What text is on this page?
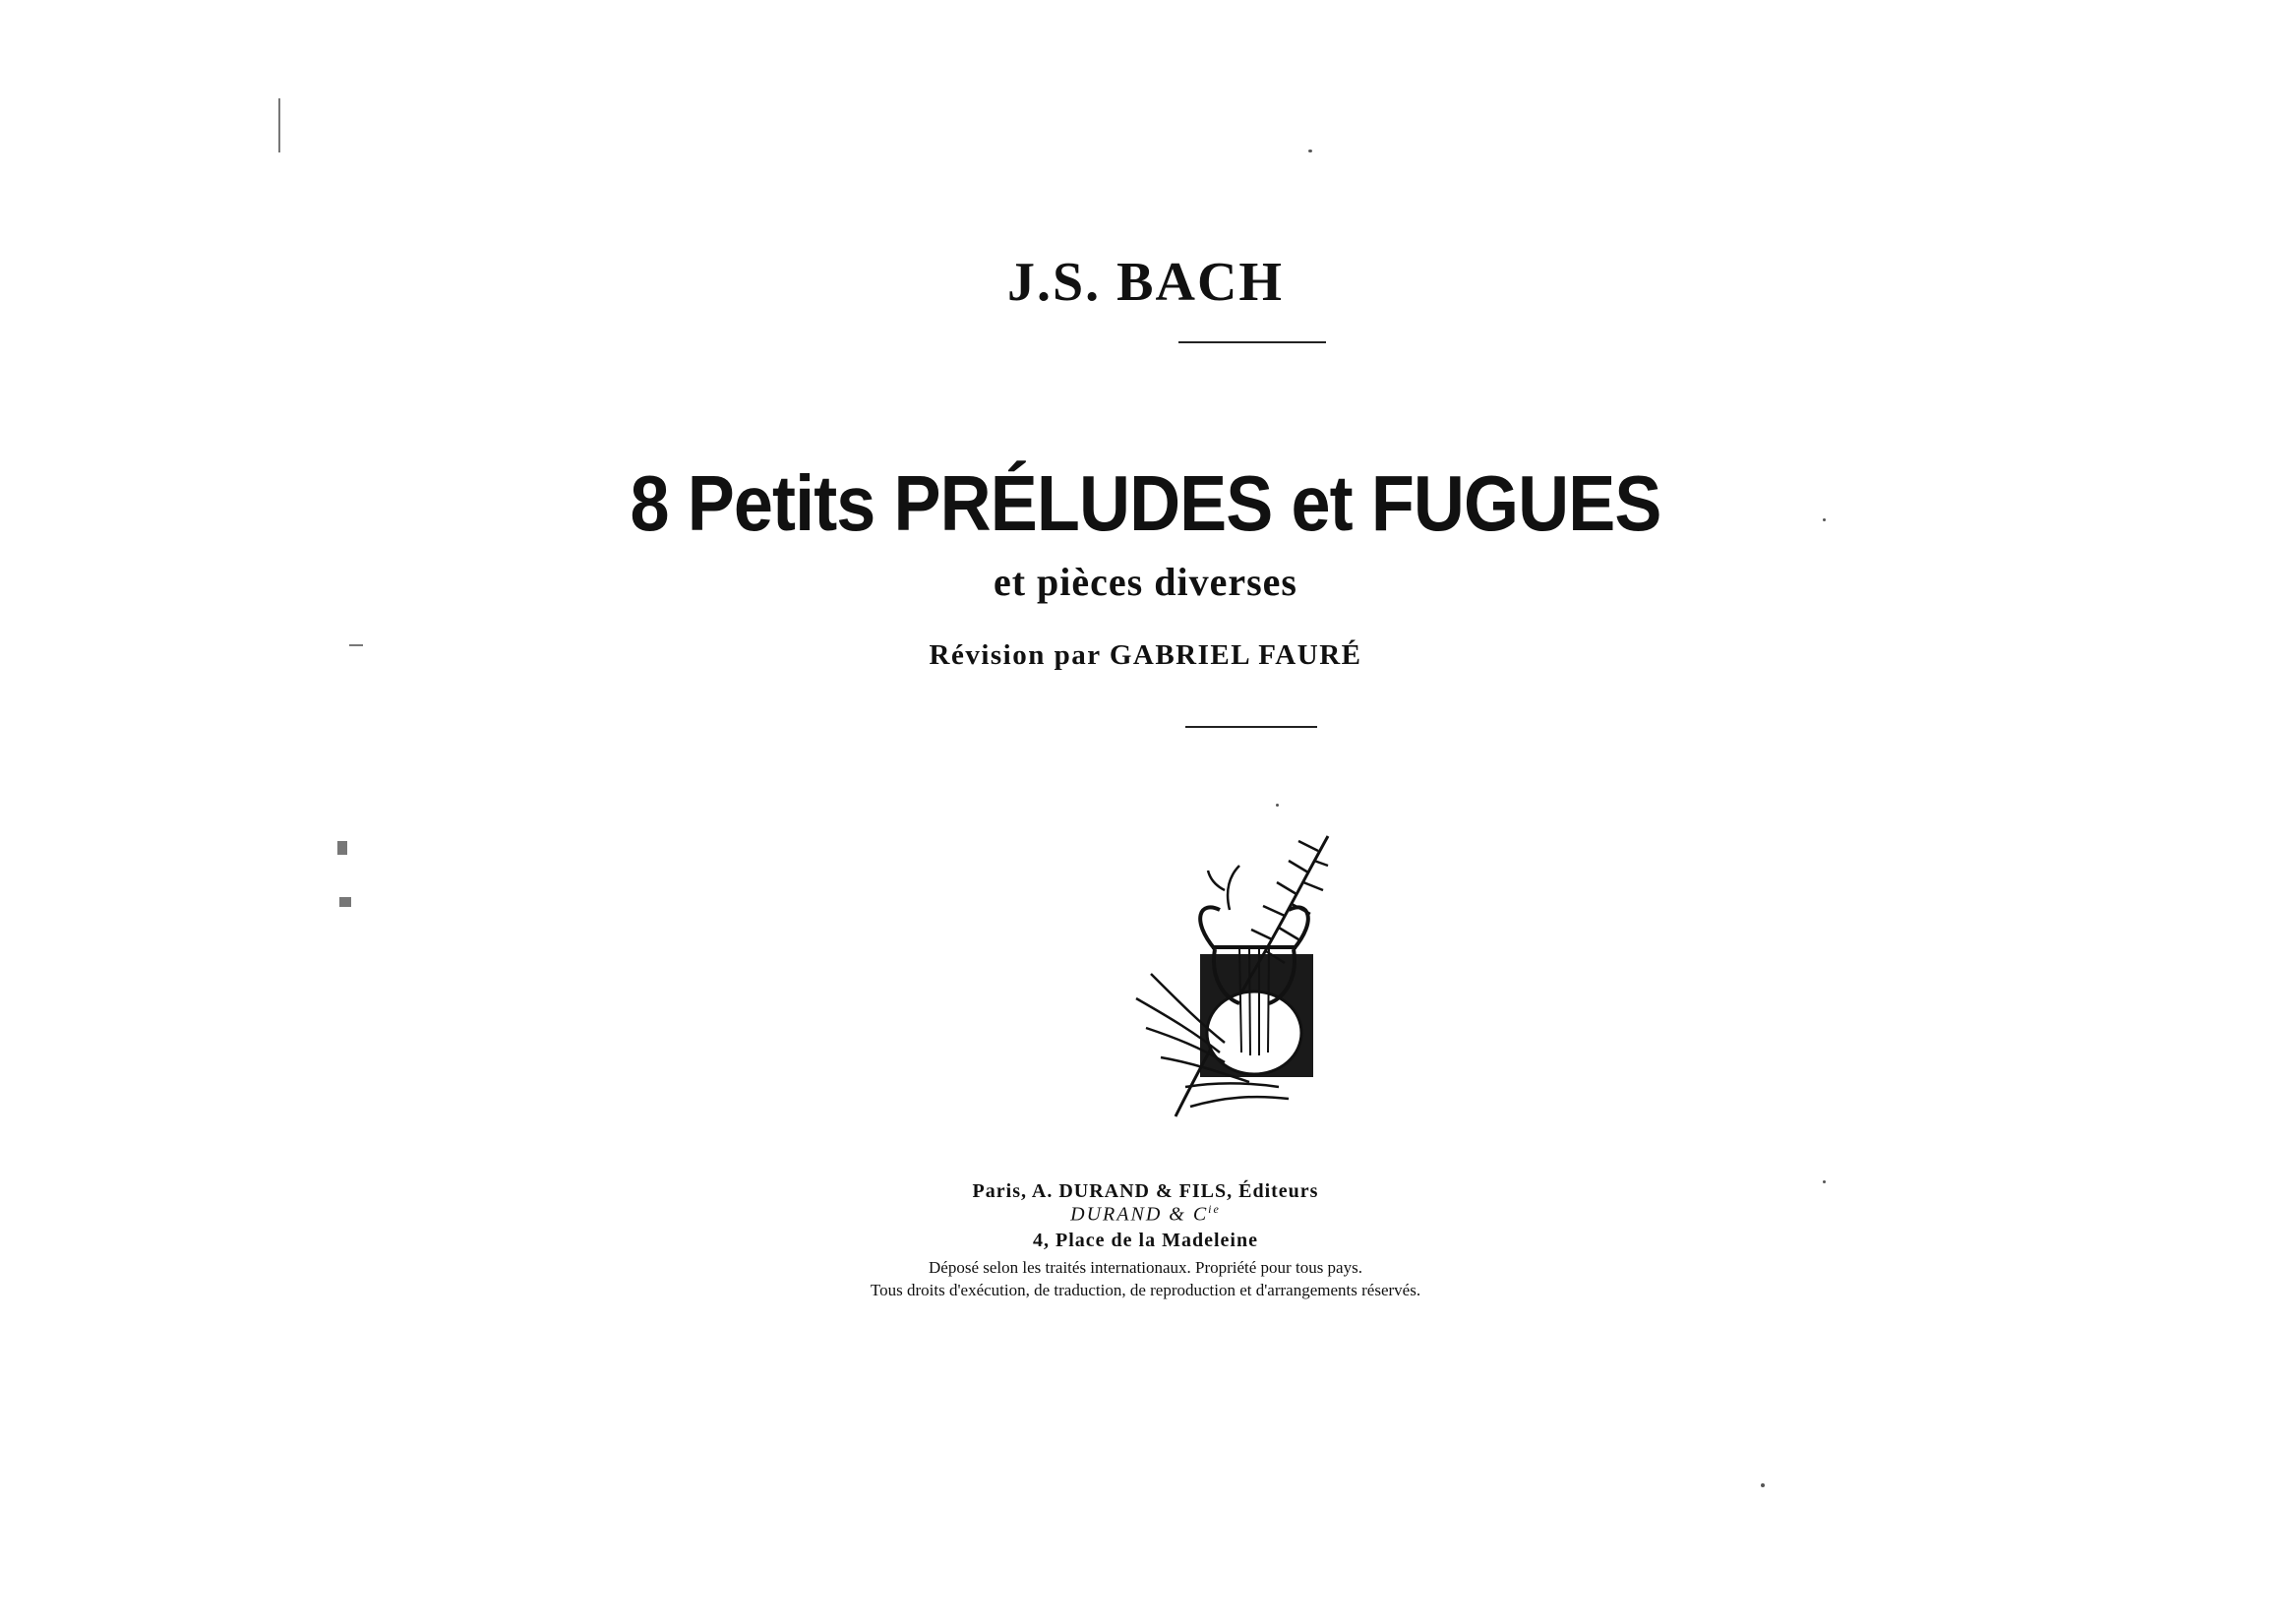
J.S. BACH
8 Petits PRÉLUDES et FUGUES
et pièces diverses
Révision par GABRIEL FAURÉ
Paris, A. DURAND & FILS, Éditeurs
DURAND & $C^{ie}$
4, Place de la Madeleine
Déposé selon les traités internationaux. Propriété pour tous pays.
Tous droits d'exécution, de traduction, de reproduction et d'arrangements réservés.
